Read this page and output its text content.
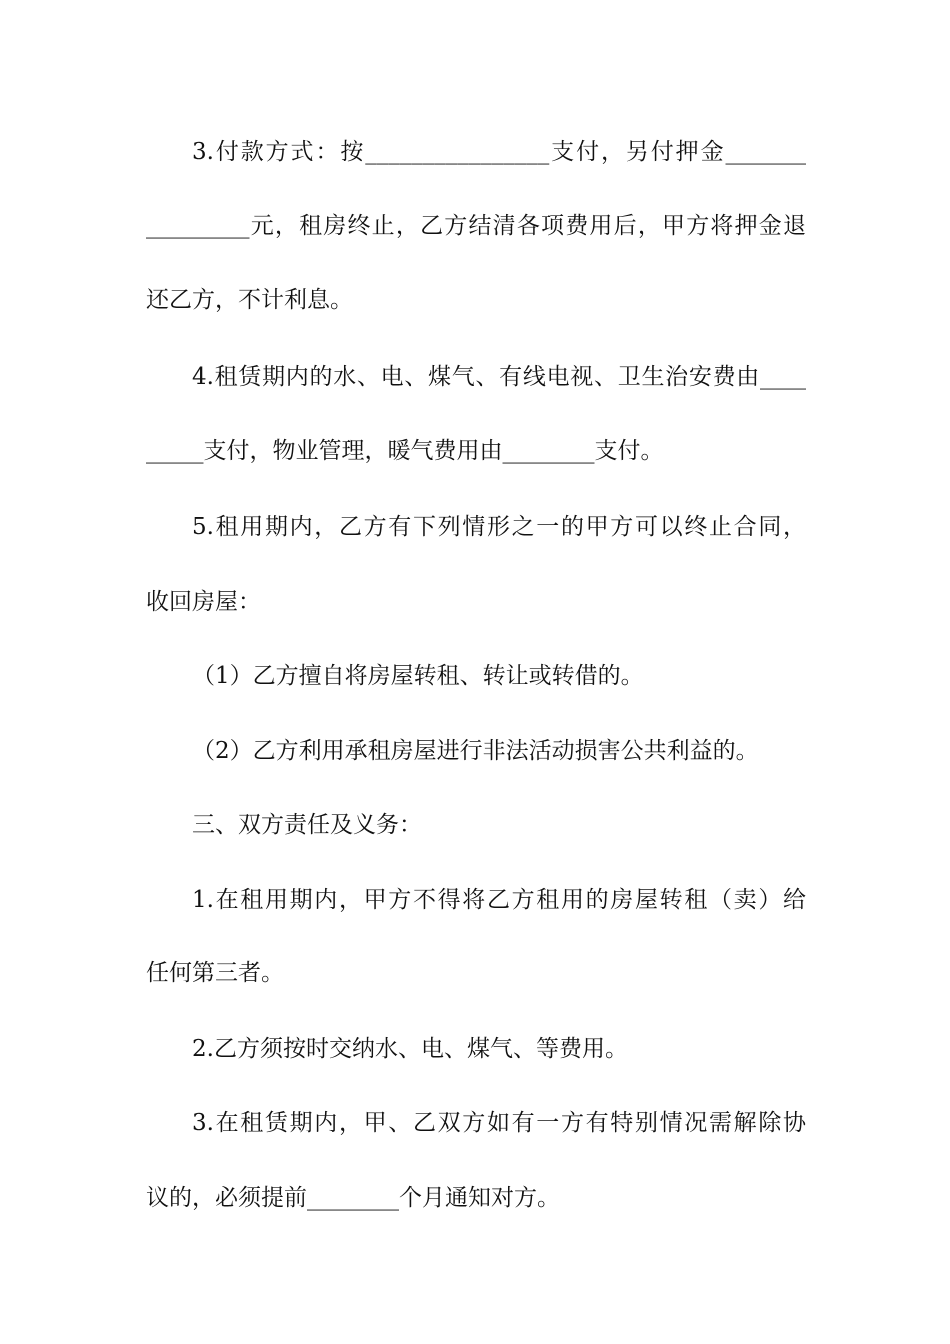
3.付款方式：按________________支付，另付押金_______
_________元，租房终止，乙方结清各项费用后，甲方将押金退
还乙方，不计利息。
4.租赁期内的水、电、煤气、有线电视、卫生治安费由____
_____支付，物业管理，暖气费用由________支付。
5.租用期内，乙方有下列情形之一的甲方可以终止合同，
收回房屋：
（1）乙方擅自将房屋转租、转让或转借的。
（2）乙方利用承租房屋进行非法活动损害公共利益的。
三、双方责任及义务：
1.在租用期内，甲方不得将乙方租用的房屋转租（卖）给
任何第三者。
2.乙方须按时交纳水、电、煤气、等费用。
3.在租赁期内，甲、乙双方如有一方有特别情况需解除协
议的，必须提前________个月通知对方。
